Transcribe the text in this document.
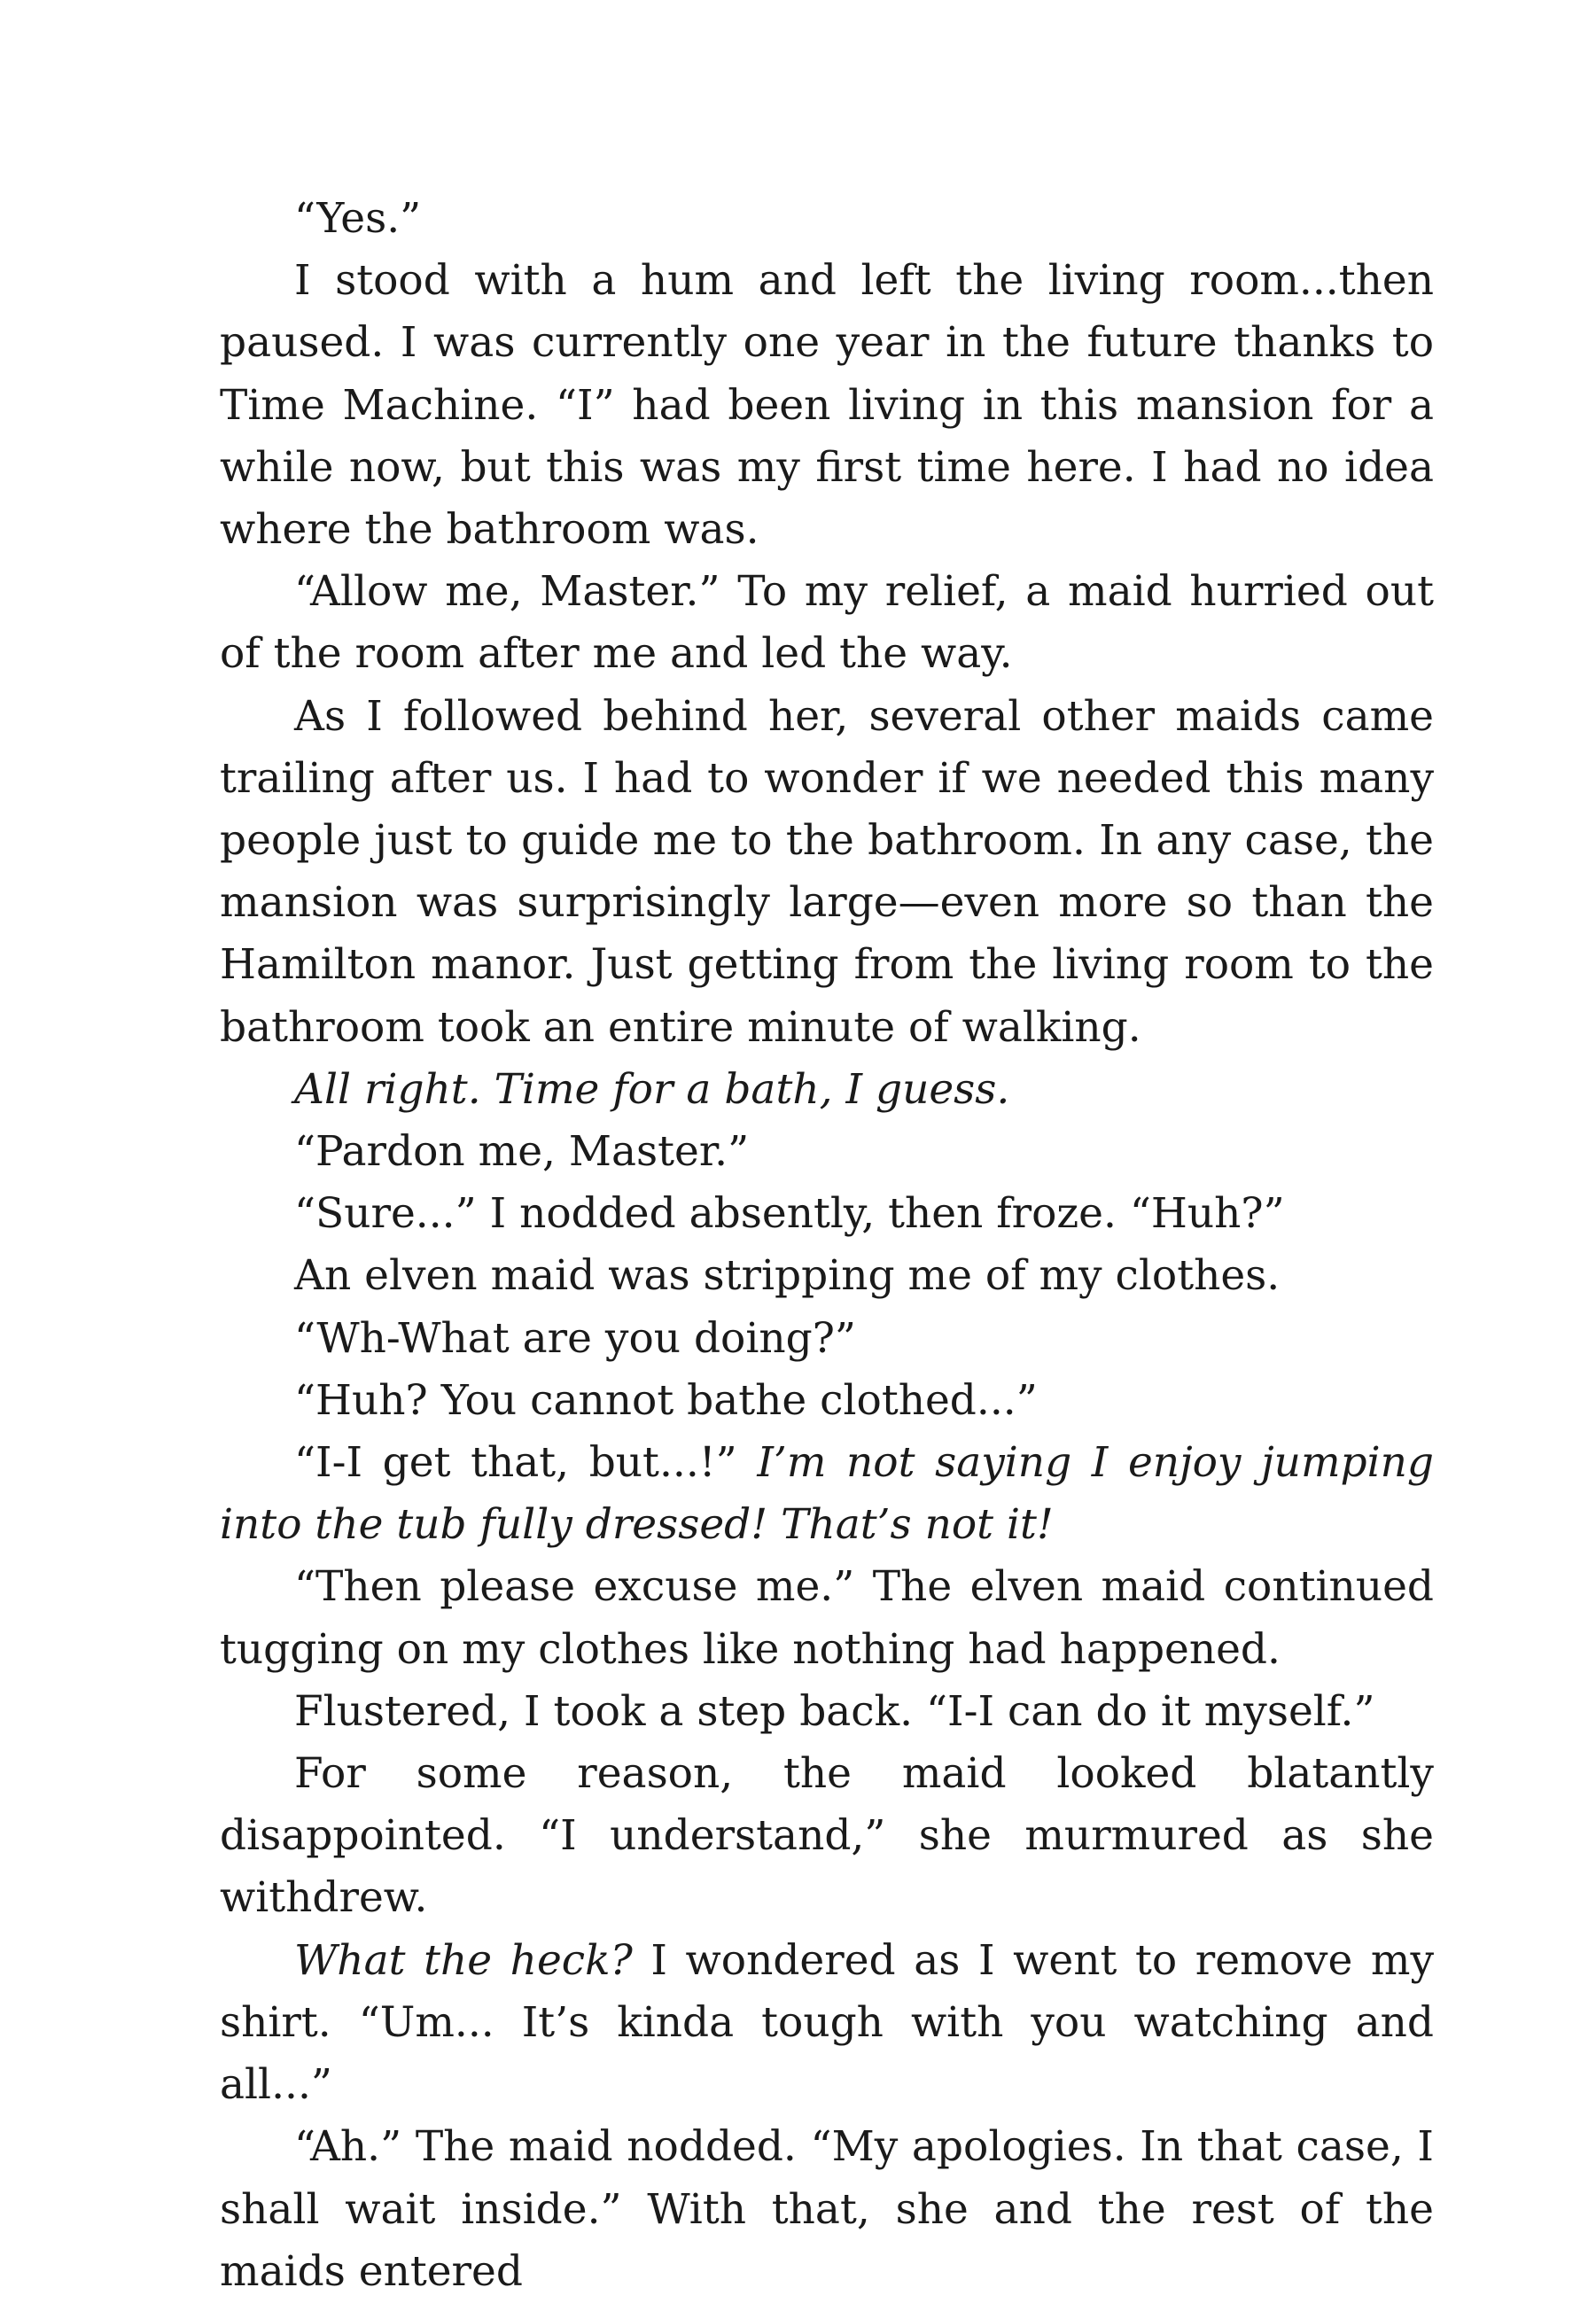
“Yes.”

I stood with a hum and left the living room...then paused. I was currently one year in the future thanks to Time Machine. “I” had been living in this mansion for a while now, but this was my first time here. I had no idea where the bathroom was.

“Allow me, Master.” To my relief, a maid hurried out of the room after me and led the way.

As I followed behind her, several other maids came trailing after us. I had to wonder if we needed this many people just to guide me to the bathroom. In any case, the mansion was surprisingly large—even more so than the Hamilton manor. Just getting from the living room to the bathroom took an entire minute of walking.

All right. Time for a bath, I guess.

“Pardon me, Master.”

“Sure...” I nodded absently, then froze. “Huh?”

An elven maid was stripping me of my clothes.

“Wh-What are you doing?”

“Huh? You cannot bathe clothed...”

“I-I get that, but...!” I’m not saying I enjoy jumping into the tub fully dressed! That’s not it!

“Then please excuse me.” The elven maid continued tugging on my clothes like nothing had happened.

Flustered, I took a step back. “I-I can do it myself.”

For some reason, the maid looked blatantly disappointed. “I understand,” she murmured as she withdrew.

What the heck? I wondered as I went to remove my shirt. “Um... It’s kinda tough with you watching and all...”

“Ah.” The maid nodded. “My apologies. In that case, I shall wait inside.” With that, she and the rest of the maids entered
